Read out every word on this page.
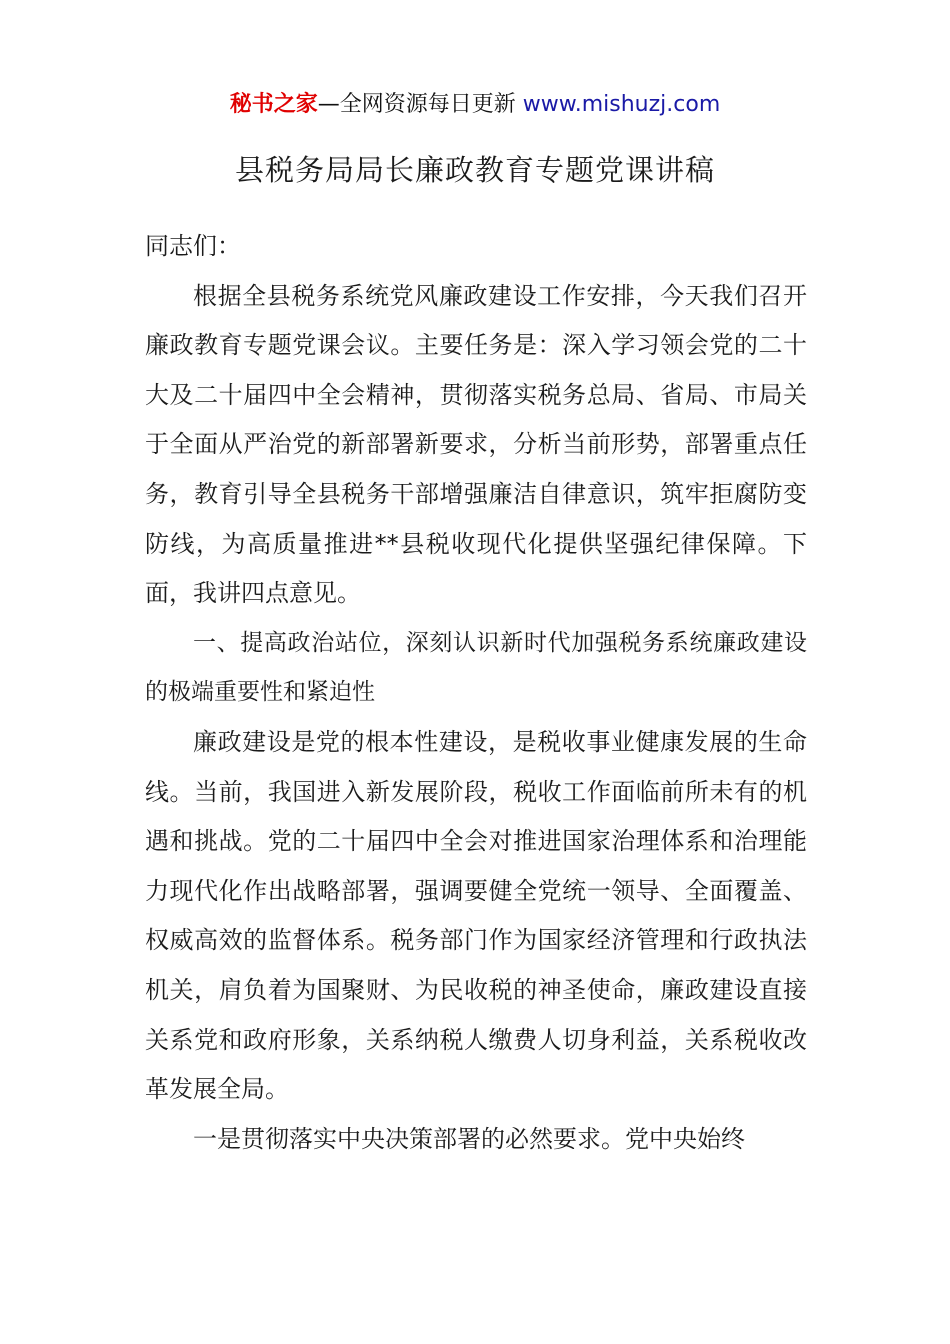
秘书之家—全网资源每日更新 www.mishuzj.com
县税务局局长廉政教育专题党课讲稿

同志们：

根据全县税务系统党风廉政建设工作安排，今天我们召开廉政教育专题党课会议。主要任务是：深入学习领会党的二十大及二十届四中全会精神，贯彻落实税务总局、省局、市局关于全面从严治党的新部署新要求，分析当前形势，部署重点任务，教育引导全县税务干部增强廉洁自律意识，筑牢拒腐防变防线，为高质量推进**县税收现代化提供坚强纪律保障。下面，我讲四点意见。

一、提高政治站位，深刻认识新时代加强税务系统廉政建设的极端重要性和紧迫性

廉政建设是党的根本性建设，是税收事业健康发展的生命线。当前，我国进入新发展阶段，税收工作面临前所未有的机遇和挑战。党的二十届四中全会对推进国家治理体系和治理能力现代化作出战略部署，强调要健全党统一领导、全面覆盖、权威高效的监督体系。税务部门作为国家经济管理和行政执法机关，肩负着为国聚财、为民收税的神圣使命，廉政建设直接关系党和政府形象，关系纳税人缴费人切身利益，关系税收改革发展全局。

一是贯彻落实中央决策部署的必然要求。党中央始终
